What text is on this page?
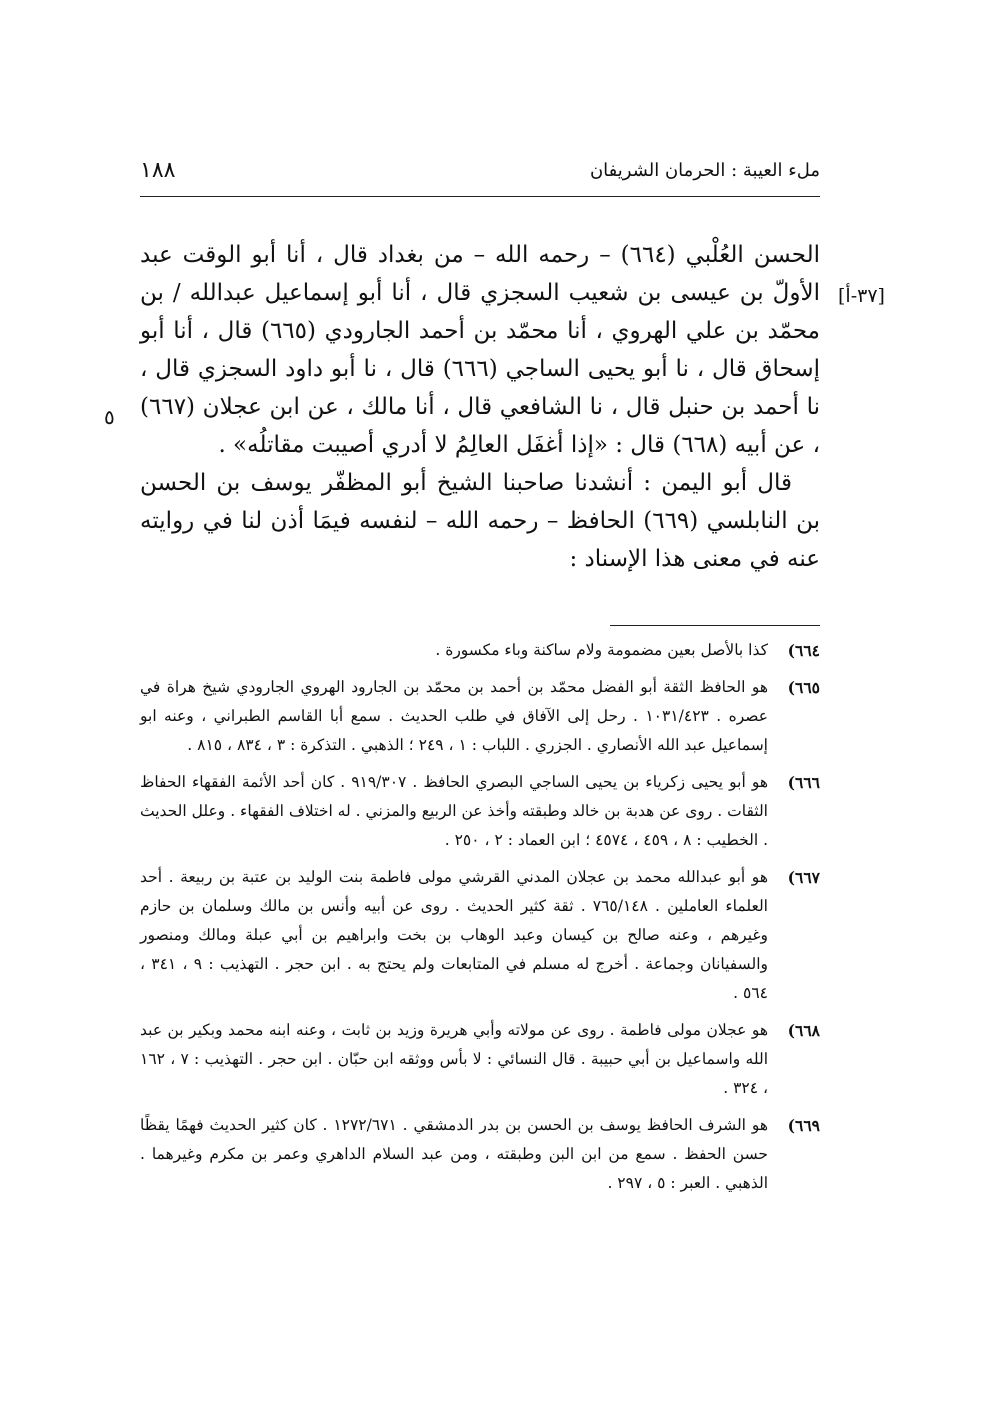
ملء العيبة : الحرمان الشريفان
١٨٨
[٣٧-أ]
٥

الحسن العُلْبي (٦٦٤) – رحمه الله – من بغداد قال ، أنا أبو الوقت عبد الأولّ بن عيسى بن شعيب السجزي قال ، أنا أبو إسماعيل عبدالله / بن محمّد بن علي الهروي ، أنا محمّد بن أحمد الجارودي (٦٦٥) قال ، أنا أبو إسحاق قال ، نا أبو يحيى الساجي (٦٦٦) قال ، نا أبو داود السجزي قال ، نا أحمد بن حنبل قال ، نا الشافعي قال ، أنا مالك ، عن ابن عجلان (٦٦٧) ، عن أبيه (٦٦٨) قال : «إذا أغفَل العالِمُ لا أدري أصيبت مقاتلُه» .

قال أبو اليمن : أنشدنا صاحبنا الشيخ أبو المظفّر يوسف بن الحسن بن النابلسي (٦٦٩) الحافظ – رحمه الله – لنفسه فيمَا أذن لنا في روايته عنه في معنى هذا الإسناد :

٦٦٤)
كذا بالأصل بعين مضمومة ولام ساكنة وباء مكسورة .
٦٦٥)
هو الحافظ الثقة أبو الفضل محمّد بن أحمد بن محمّد بن الجارود الهروي الجارودي شيخ هراة في عصره . ١٠٣١/٤٢٣ . رحل إلى الآفاق في طلب الحديث . سمع أبا القاسم الطبراني ، وعنه ابو إسماعيل عبد الله الأنصاري . الجزري . اللباب : ١ ، ٢٤٩ ؛ الذهبي . التذكرة : ٣ ، ٨٣٤ ، ٨١٥ .
٦٦٦)
هو أبو يحيى زكرياء بن يحيى الساجي البصري الحافظ . ٩١٩/٣٠٧ . كان أحد الأئمة الفقهاء الحفاظ الثقات . روى عن هدبة بن خالد وطبقته وأخذ عن الربيع والمزني . له اختلاف الفقهاء . وعلل الحديث . الخطيب : ٨ ، ٤٥٩ ، ٤٥٧٤ ؛ ابن العماد : ٢ ، ٢٥٠ .
٦٦٧)
هو أبو عبدالله محمد بن عجلان المدني القرشي مولى فاطمة بنت الوليد بن عتبة بن ربيعة . أحد العلماء العاملين . ٧٦٥/١٤٨ . ثقة كثير الحديث . روى عن أبيه وأنس بن مالك وسلمان بن حازم وغيرهم ، وعنه صالح بن كيسان وعبد الوهاب بن بخت وابراهيم بن أبي عبلة ومالك ومنصور والسفيانان وجماعة . أخرج له مسلم في المتابعات ولم يحتج به . ابن حجر . التهذيب : ٩ ، ٣٤١ ، ٥٦٤ .
٦٦٨)
هو عجلان مولى فاطمة . روى عن مولاته وأبي هريرة وزيد بن ثابت ، وعنه ابنه محمد وبكير بن عبد الله واسماعيل بن أبي حبيبة . قال النسائي : لا بأس ووثقه ابن حبّان . ابن حجر . التهذيب : ٧ ، ١٦٢ ، ٣٢٤ .
٦٦٩)
هو الشرف الحافظ يوسف بن الحسن بن بدر الدمشقي . ١٢٧٢/٦٧١ . كان كثير الحديث فهمًا يقظًا حسن الحفظ . سمع من ابن البن وطبقته ، ومن عبد السلام الداهري وعمر بن مكرم وغيرهما . الذهبي . العبر : ٥ ، ٢٩٧ .
